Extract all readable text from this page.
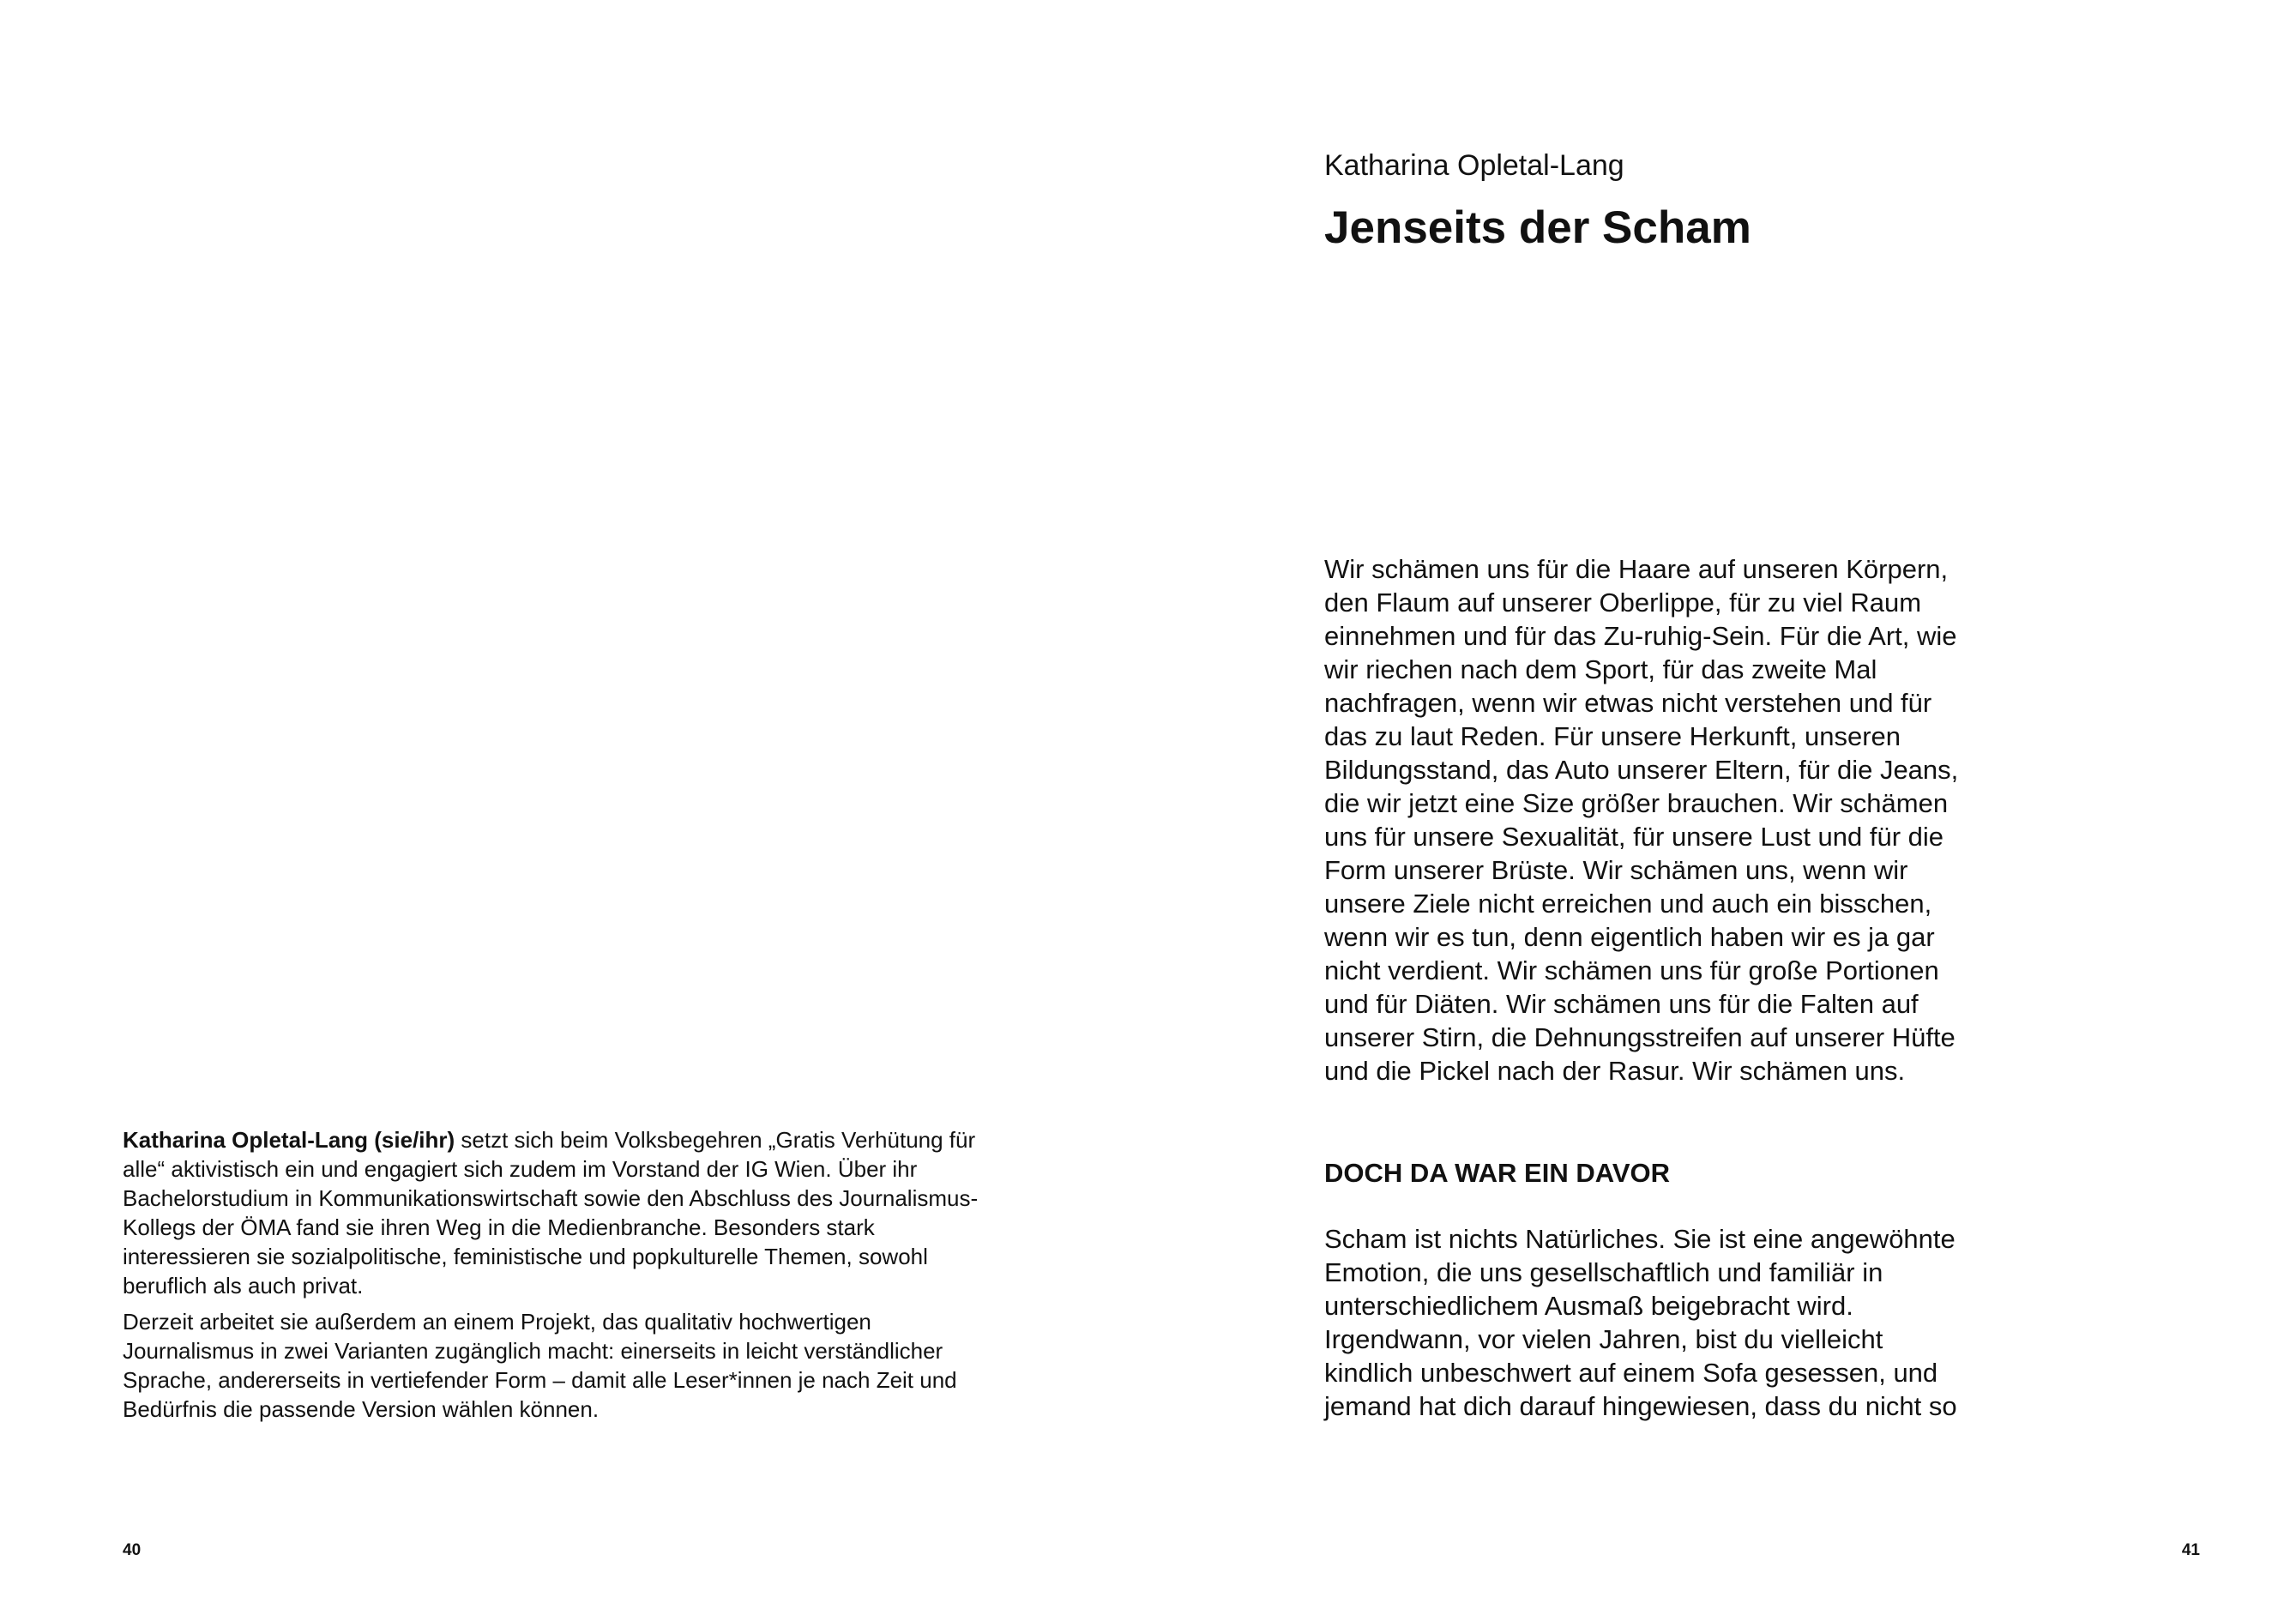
Katharina Opletal-Lang (sie/ihr) setzt sich beim Volksbegehren „Gratis Verhütung für alle“ aktivistisch ein und engagiert sich zudem im Vorstand der IG Wien. Über ihr Bachelorstudium in Kommunikationswirtschaft sowie den Abschluss des Journalismus-Kollegs der ÖMA fand sie ihren Weg in die Medienbranche. Besonders stark interessieren sie sozialpolitische, feministische und popkulturelle Themen, sowohl beruflich als auch privat.

Derzeit arbeitet sie außerdem an einem Projekt, das qualitativ hochwertigen Journalismus in zwei Varianten zugänglich macht: einerseits in leicht verständlicher Sprache, andererseits in vertiefender Form – damit alle Leser*innen je nach Zeit und Bedürfnis die passende Version wählen können.

40
Katharina Opletal-Lang
Jenseits der Scham

Wir schämen uns für die Haare auf unseren Körpern, den Flaum auf unserer Oberlippe, für zu viel Raum einnehmen und für das Zu-ruhig-Sein. Für die Art, wie wir riechen nach dem Sport, für das zweite Mal nachfragen, wenn wir etwas nicht verstehen und für das zu laut Reden. Für unsere Herkunft, unseren Bildungsstand, das Auto unserer Eltern, für die Jeans, die wir jetzt eine Size größer brauchen. Wir schämen uns für unsere Sexualität, für unsere Lust und für die Form unserer Brüste. Wir schämen uns, wenn wir unsere Ziele nicht erreichen und auch ein bisschen, wenn wir es tun, denn eigentlich haben wir es ja gar nicht verdient. Wir schämen uns für große Portionen und für Diäten. Wir schämen uns für die Falten auf unserer Stirn, die Dehnungsstreifen auf unserer Hüfte und die Pickel nach der Rasur. Wir schämen uns.

DOCH DA WAR EIN DAVOR

Scham ist nichts Natürliches. Sie ist eine angewöhnte Emotion, die uns gesellschaftlich und familiär in unterschiedlichem Ausmaß beigebracht wird. Irgendwann, vor vielen Jahren, bist du vielleicht kindlich unbeschwert auf einem Sofa gesessen, und jemand hat dich darauf hingewiesen, dass du nicht so

41
